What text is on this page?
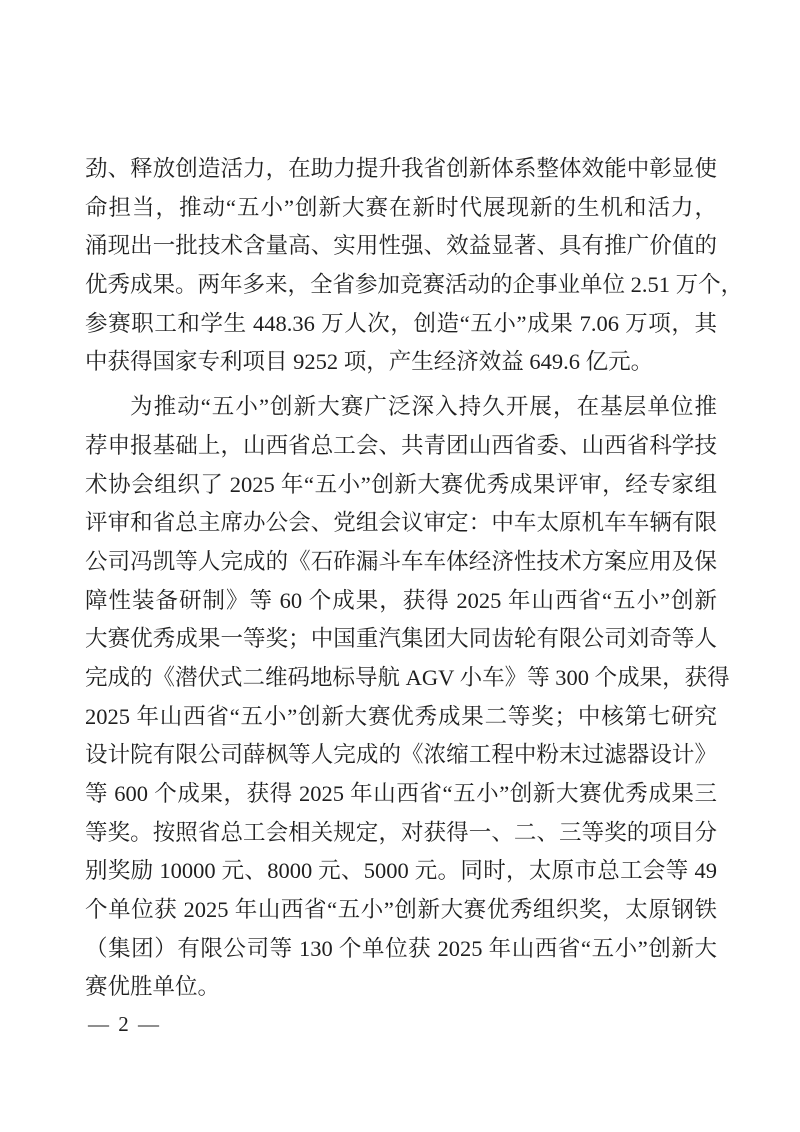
劲、释放创造活力，在助力提升我省创新体系整体效能中彰显使
命担当，推动“五小”创新大赛在新时代展现新的生机和活力，
涌现出一批技术含量高、实用性强、效益显著、具有推广价值的
优秀成果。两年多来，全省参加竞赛活动的企事业单位 2.51 万个，
参赛职工和学生 448.36 万人次，创造“五小”成果 7.06 万项，其
中获得国家专利项目 9252 项，产生经济效益 649.6 亿元。
为推动“五小”创新大赛广泛深入持久开展，在基层单位推
荐申报基础上，山西省总工会、共青团山西省委、山西省科学技
术协会组织了 2025 年“五小”创新大赛优秀成果评审，经专家组
评审和省总主席办公会、党组会议审定：中车太原机车车辆有限
公司冯凯等人完成的《石砟漏斗车车体经济性技术方案应用及保
障性装备研制》等 60 个成果，获得 2025 年山西省“五小”创新
大赛优秀成果一等奖；中国重汽集团大同齿轮有限公司刘奇等人
完成的《潜伏式二维码地标导航 AGV 小车》等 300 个成果，获得
2025 年山西省“五小”创新大赛优秀成果二等奖；中核第七研究
设计院有限公司薛枫等人完成的《浓缩工程中粉末过滤器设计》
等 600 个成果，获得 2025 年山西省“五小”创新大赛优秀成果三
等奖。按照省总工会相关规定，对获得一、二、三等奖的项目分
别奖励 10000 元、8000 元、5000 元。同时，太原市总工会等 49
个单位获 2025 年山西省“五小”创新大赛优秀组织奖，太原钢铁
（集团）有限公司等 130 个单位获 2025 年山西省“五小”创新大
赛优胜单位。
— 2 —
